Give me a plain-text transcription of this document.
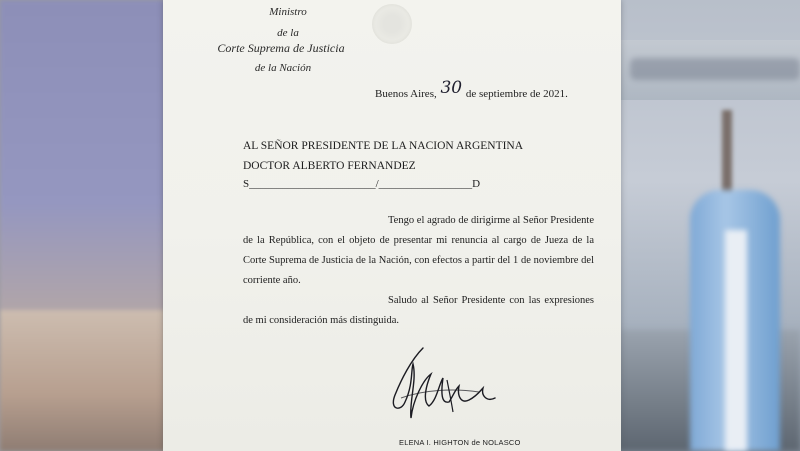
Ministro
de la
Corte Suprema de Justicia
de la Nación
Buenos Aires, 30 de septiembre de 2021.
AL SEÑOR PRESIDENTE DE LA NACION ARGENTINA
DOCTOR ALBERTO FERNANDEZ
S_______________________/_________________D
Tengo el agrado de dirigirme al Señor Presidente de la República, con el objeto de presentar mi renuncia al cargo de Jueza de la Corte Suprema de Justicia de la Nación, con efectos a partir del 1 de noviembre del corriente año.
Saludo al Señor Presidente con las expresiones de mi consideración más distinguida.
ELENA I. HIGHTON de NOLASCO
